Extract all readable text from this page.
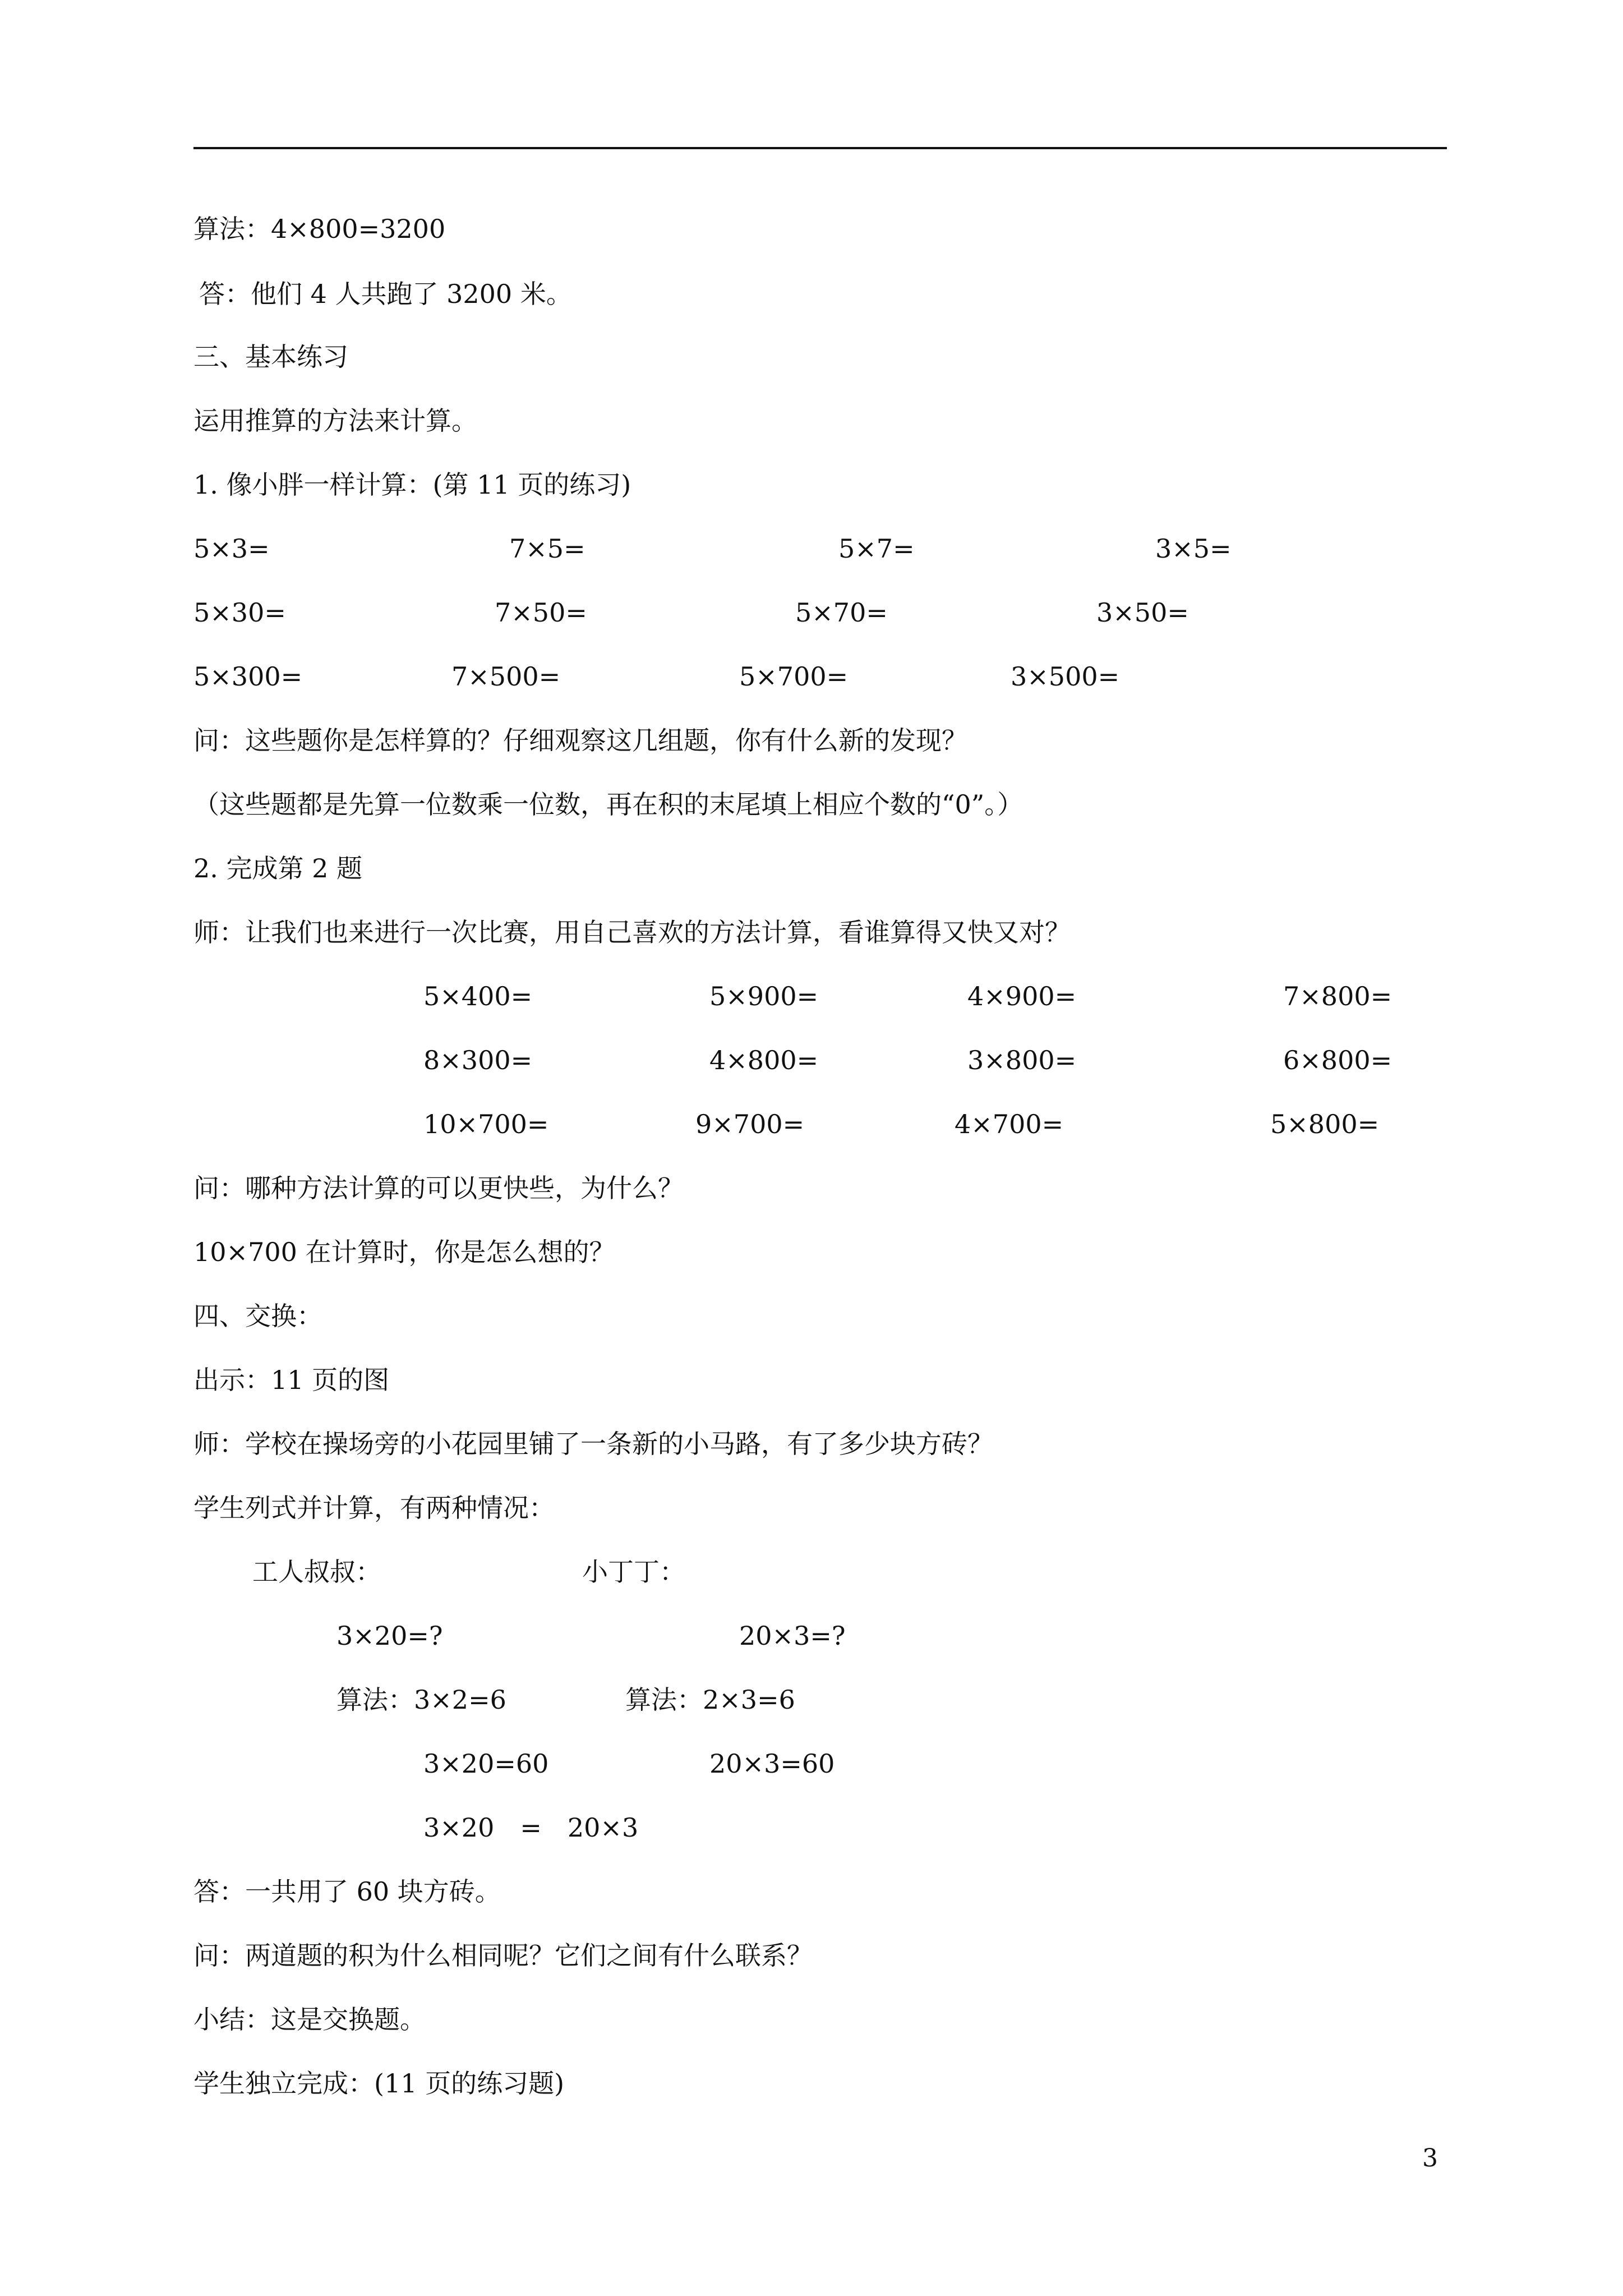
算法：4×800=3200
答：他们 4 人共跑了 3200 米。
三、基本练习
运用推算的方法来计算。
1. 像小胖一样计算：(第 11 页的练习)
5×3=	7×5=	5×7=	3×5=
5×30=	7×50=	5×70=	3×50=
5×300=	7×500=	5×700=	3×500=
问：这些题你是怎样算的？仔细观察这几组题，你有什么新的发现？
（这些题都是先算一位数乘一位数，再在积的末尾填上相应个数的“0”。）
2. 完成第 2 题
师：让我们也来进行一次比赛，用自己喜欢的方法计算，看谁算得又快又对？
5×400=	5×900=	4×900=	7×800=
8×300=	4×800=	3×800=	6×800=
10×700=	9×700=	4×700=	5×800=
问：哪种方法计算的可以更快些，为什么？
10×700 在计算时，你是怎么想的？
四、交换：
出示：11 页的图
师：学校在操场旁的小花园里铺了一条新的小马路，有了多少块方砖？
学生列式并计算，有两种情况：
工人叔叔：	小丁丁：
3×20=?	20×3=?
算法：3×2=6	算法：2×3=6
3×20=60	20×3=60
3×20　=　20×3
答：一共用了 60 块方砖。
问：两道题的积为什么相同呢？它们之间有什么联系？
小结：这是交换题。
学生独立完成：(11 页的练习题)
3
